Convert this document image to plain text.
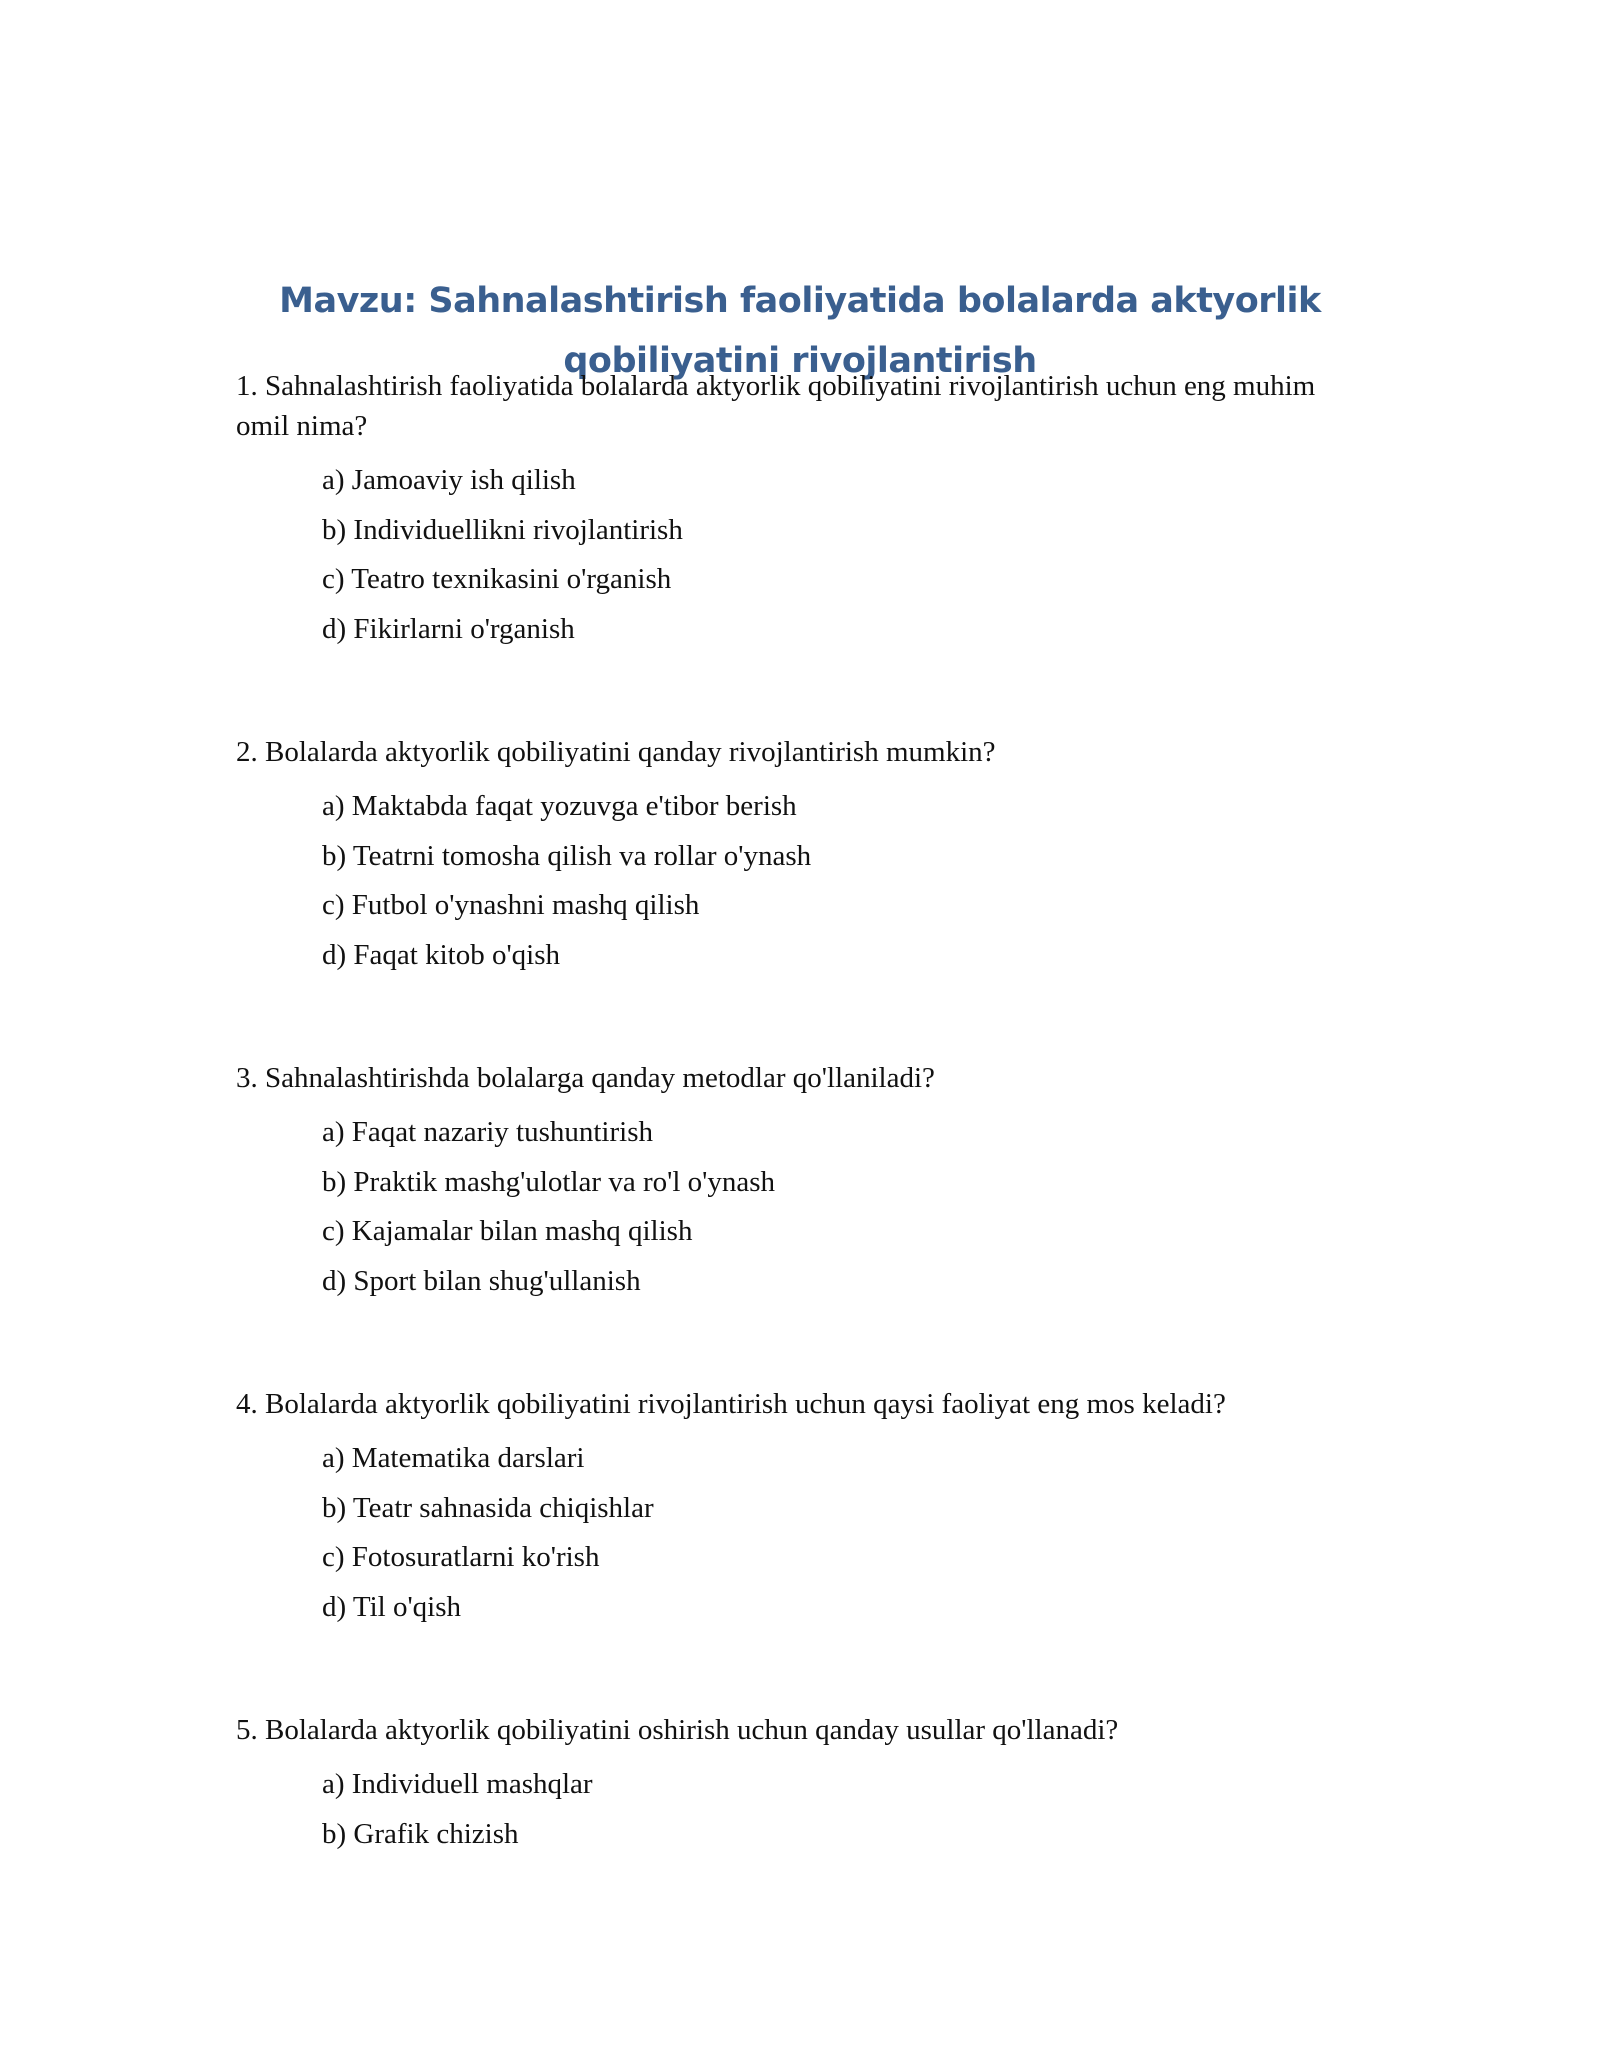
Mavzu: Sahnalashtirish faoliyatida bolalarda aktyorlik
qobiliyatini rivojlantirish

1. Sahnalashtirish faoliyatida bolalarda aktyorlik qobiliyatini rivojlantirish uchun eng muhim omil nima?

a) Jamoaviy ish qilish
b) Individuellikni rivojlantirish
c) Teatro texnikasini o'rganish
d) Fikirlarni o'rganish

2. Bolalarda aktyorlik qobiliyatini qanday rivojlantirish mumkin?

a) Maktabda faqat yozuvga e'tibor berish
b) Teatrni tomosha qilish va rollar o'ynash
c) Futbol o'ynashni mashq qilish
d) Faqat kitob o'qish

3. Sahnalashtirishda bolalarga qanday metodlar qo'llaniladi?

a) Faqat nazariy tushuntirish
b) Praktik mashg'ulotlar va ro'l o'ynash
c) Kajamalar bilan mashq qilish
d) Sport bilan shug'ullanish

4. Bolalarda aktyorlik qobiliyatini rivojlantirish uchun qaysi faoliyat eng mos keladi?

a) Matematika darslari
b) Teatr sahnasida chiqishlar
c) Fotosuratlarni ko'rish
d) Til o'qish

5. Bolalarda aktyorlik qobiliyatini oshirish uchun qanday usullar qo'llanadi?

a) Individuell mashqlar
b) Grafik chizish
